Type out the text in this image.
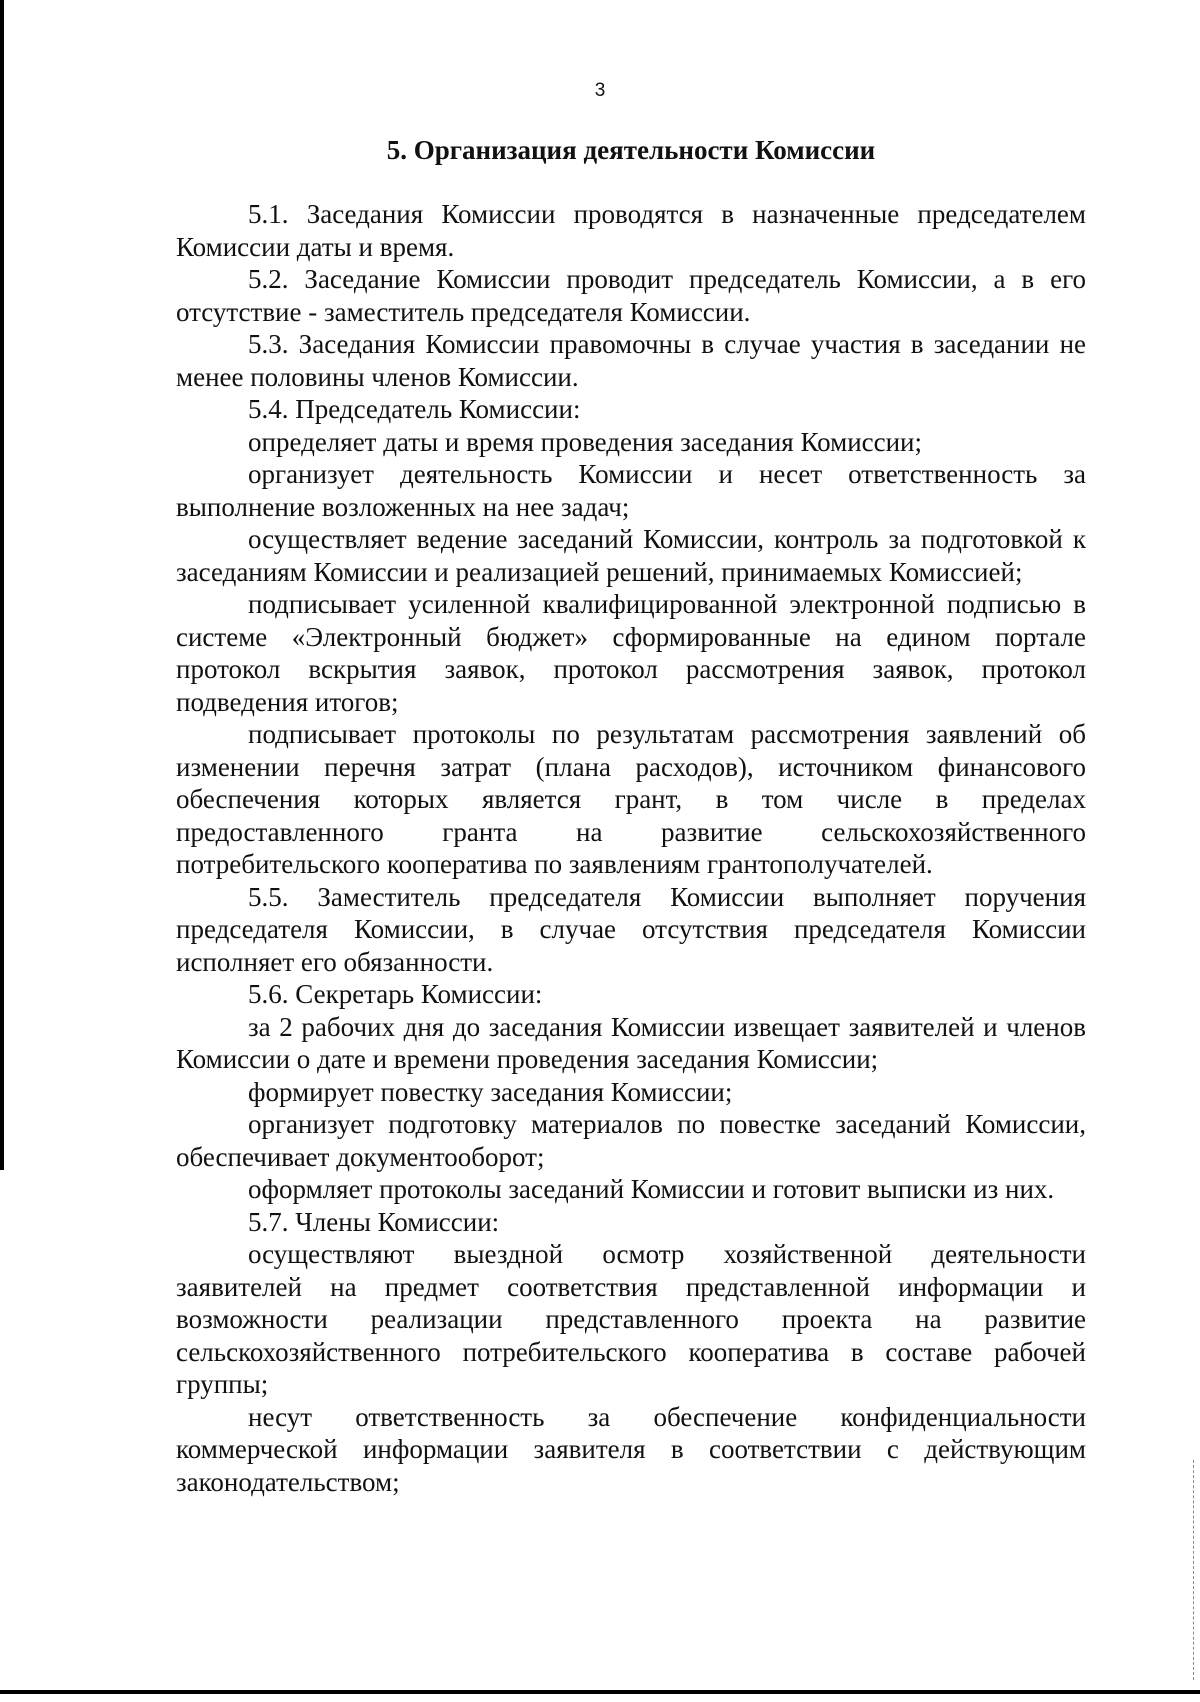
3
5. Организация деятельности Комиссии

5.1. Заседания Комиссии проводятся в назначенные председателем Комиссии даты и время.

5.2. Заседание Комиссии проводит председатель Комиссии, а в его отсутствие - заместитель председателя Комиссии.

5.3. Заседания Комиссии правомочны в случае участия в заседании не менее половины членов Комиссии.

5.4. Председатель Комиссии:

определяет даты и время проведения заседания Комиссии;

организует деятельность Комиссии и несет ответственность за выполнение возложенных на нее задач;

осуществляет ведение заседаний Комиссии, контроль за подготовкой к заседаниям Комиссии и реализацией решений, принимаемых Комиссией;

подписывает усиленной квалифицированной электронной подписью в системе «Электронный бюджет» сформированные на едином портале протокол вскрытия заявок, протокол рассмотрения заявок, протокол подведения итогов;

подписывает протоколы по результатам рассмотрения заявлений об изменении перечня затрат (плана расходов), источником финансового обеспечения которых является грант, в том числе в пределах предоставленного гранта на развитие сельскохозяйственного потребительского кооператива по заявлениям грантополучателей.

5.5. Заместитель председателя Комиссии выполняет поручения председателя Комиссии, в случае отсутствия председателя Комиссии исполняет его обязанности.

5.6. Секретарь Комиссии:

за 2 рабочих дня до заседания Комиссии извещает заявителей и членов Комиссии о дате и времени проведения заседания Комиссии;

формирует повестку заседания Комиссии;

организует подготовку материалов по повестке заседаний Комиссии, обеспечивает документооборот;

оформляет протоколы заседаний Комиссии и готовит выписки из них.

5.7. Члены Комиссии:

осуществляют выездной осмотр хозяйственной деятельности заявителей на предмет соответствия представленной информации и возможности реализации представленного проекта на развитие сельскохозяйственного потребительского кооператива в составе рабочей группы;

несут ответственность за обеспечение конфиденциальности коммерческой информации заявителя в соответствии с действующим законодательством;
